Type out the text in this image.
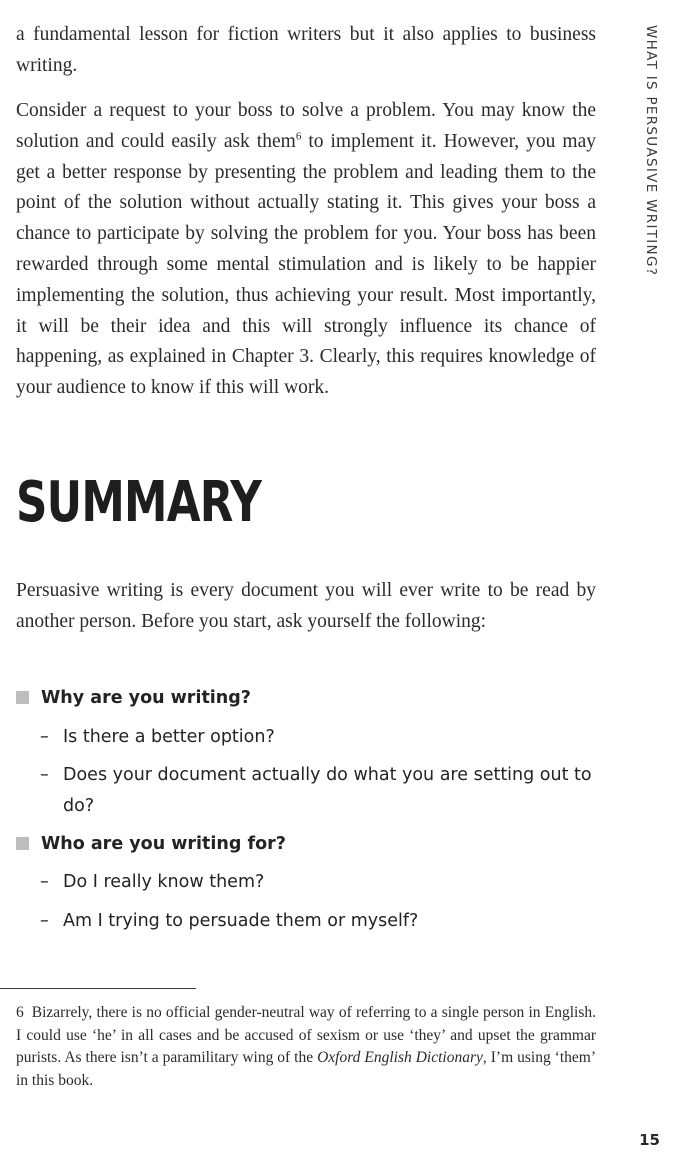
a fundamental lesson for fiction writers but it also applies to business writing.

Consider a request to your boss to solve a problem. You may know the solution and could easily ask them$^6$ to implement it. However, you may get a better response by presenting the problem and leading them to the point of the solution without actually stating it. This gives your boss a chance to participate by solving the problem for you. Your boss has been rewarded through some mental stimulation and is likely to be happier implementing the solution, thus achieving your result. Most importantly, it will be their idea and this will strongly influence its chance of happening, as explained in Chapter 3. Clearly, this requires knowledge of your audience to know if this will work.

SUMMARY

Persuasive writing is every document you will ever write to be read by another person. Before you start, ask yourself the following:

Why are you writing?
– Is there a better option?
– Does your document actually do what you are setting out to do?
Who are you writing for?
– Do I really know them?
– Am I trying to persuade them or myself?

6 Bizarrely, there is no official gender-neutral way of referring to a single person in English. I could use ‘he’ in all cases and be accused of sexism or use ‘they’ and upset the grammar purists. As there isn’t a paramilitary wing of the Oxford English Dictionary, I’m using ‘them’ in this book.

WHAT IS PERSUASIVE WRITING?
15
